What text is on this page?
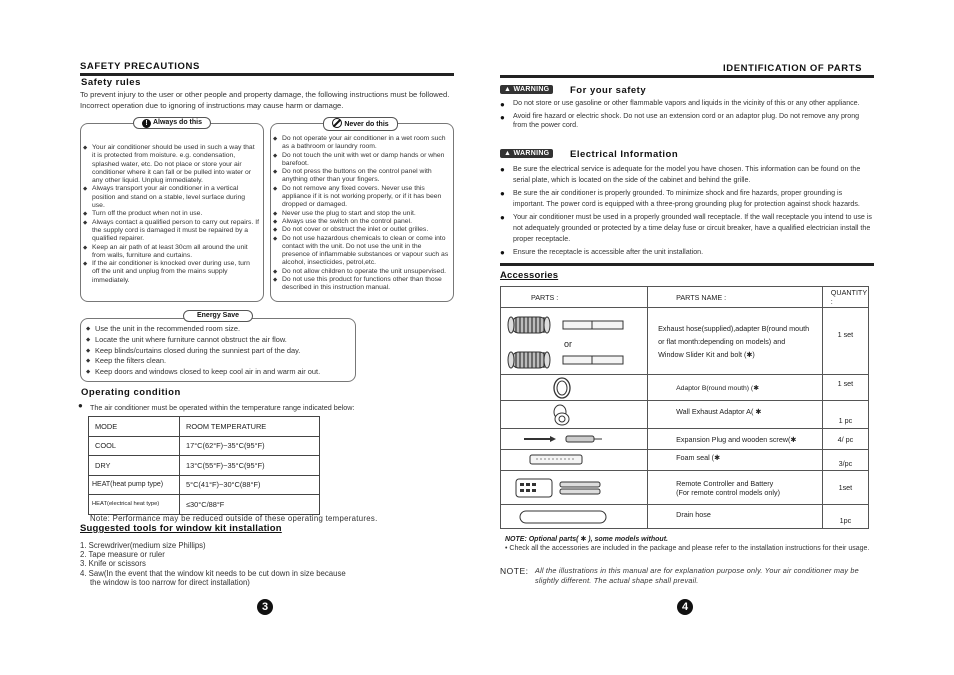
SAFETY PRECAUTIONS
Safety rules
To prevent injury to the user or other people and property damage, the following instructions must be followed. Incorrect operation due to ignoring of instructions may cause harm or damage.
! Always do this
◆ Your air conditioner should be used in such a way that it is protected from moisture. e.g. condensation, splashed water, etc. Do not place or store your air conditioner where it can fall or be pulled into water or any other liquid. Unplug immediately.
◆ Always transport your air conditioner in a vertical position and stand on a stable, level surface during use.
◆ Turn off the product when not in use.
◆ Always contact a qualified person to carry out repairs. If the supply cord is damaged it must be repaired by a qualified repairer.
◆ Keep an air path of at least 30cm all around the unit from walls, furniture and curtains.
◆ If the air conditioner is knocked over during use, turn off the unit and unplug from the mains supply immediately.
Never do this
◆ Do not operate your air conditioner in a wet room such as a bathroom or laundry room.
◆ Do not touch the unit with wet or damp hands or when barefoot.
◆ Do not press the buttons on the control panel with anything other than your fingers.
◆ Do not remove any fixed covers. Never use this appliance if it is not working properly, or if it has been dropped or damaged.
◆ Never use the plug to start and stop the unit.
◆ Always use the switch on the control panel.
◆ Do not cover or obstruct the inlet or outlet grilles.
◆ Do not use hazardous chemicals to clean or come into contact with the unit. Do not use the unit in the presence of inflammable substances or vapour such as alcohol, insecticides, petrol,etc.
◆ Do not allow children to operate the unit unsupervised.
◆ Do not use this product for functions other than those described in this instruction manual.
Energy Save
◆ Use the unit in the recommended room size.
◆ Locate the unit where furniture cannot obstruct the air flow.
◆ Keep blinds/curtains closed during the sunniest part of the day.
◆ Keep the filters clean.
◆ Keep doors and windows closed to keep cool air in and warm air out.
Operating condition
● The air conditioner must be operated within the temperature range indicated below:
MODE	ROOM TEMPERATURE
COOL	17°C(62°F)~35°C(95°F)
DRY	13°C(55°F)~35°C(95°F)
HEAT(heat pump type)	5°C(41°F)~30°C(88°F)
HEAT(electrical heat type)	≤30°C/88°F
Note: Performance may be reduced outside of these operating temperatures.
Suggested tools for window kit installation
1. Screwdriver(medium size Phillips)
2. Tape measure or ruler
3. Knife or scissors
4. Saw(In the event that the window kit needs to be cut down in size because
the window is too narrow for direct installation)
3
IDENTIFICATION OF PARTS
▲ WARNING	For your safety
● Do not store or use gasoline or other flammable vapors and liquids in the vicinity of this or any other appliance.
● Avoid fire hazard or electric shock. Do not use an extension cord or an adaptor plug. Do not remove any prong from the power cord.
▲ WARNING	Electrical Information
● Be sure the electrical service is adequate for the model you have chosen. This information can be found on the serial plate, which is located on the side of the cabinet and behind the grille.
● Be sure the air conditioner is properly grounded. To minimize shock and fire hazards, proper grounding is important. The power cord is equipped with a three-prong grounding plug for protection against shock hazards.
● Your air conditioner must be used in a properly grounded wall receptacle. If the wall receptacle you intend to use is not adequately grounded or protected by a time delay fuse or circuit breaker, have a qualified electrician install the proper receptacle.
● Ensure the receptacle is accessible after the unit installation.
Accessories
PARTS :	PARTS NAME :	QUANTITY :

or	Exhaust hose(supplied),adapter B(round mouth or flat month:depending on models) and Window Slider Kit and bolt (✱)	1 set

	Adaptor B(round mouth) (✱	1 set

	Wall Exhaust Adaptor A( ✱	1 pc

	Expansion Plug and wooden screw(✱	4/ pc

	Foam seal (✱	3/pc

	Remote Controller and Battery (For remote control models only)	1set

	Drain hose	1pc
NOTE: Optional parts( ✱ ), some models without.
• Check all the accessories are included in the package and please refer to the installation instructions for their usage.
NOTE: All the illustrations in this manual are for explanation purpose only. Your air conditioner may be slightly different. The actual shape shall prevail.
4
